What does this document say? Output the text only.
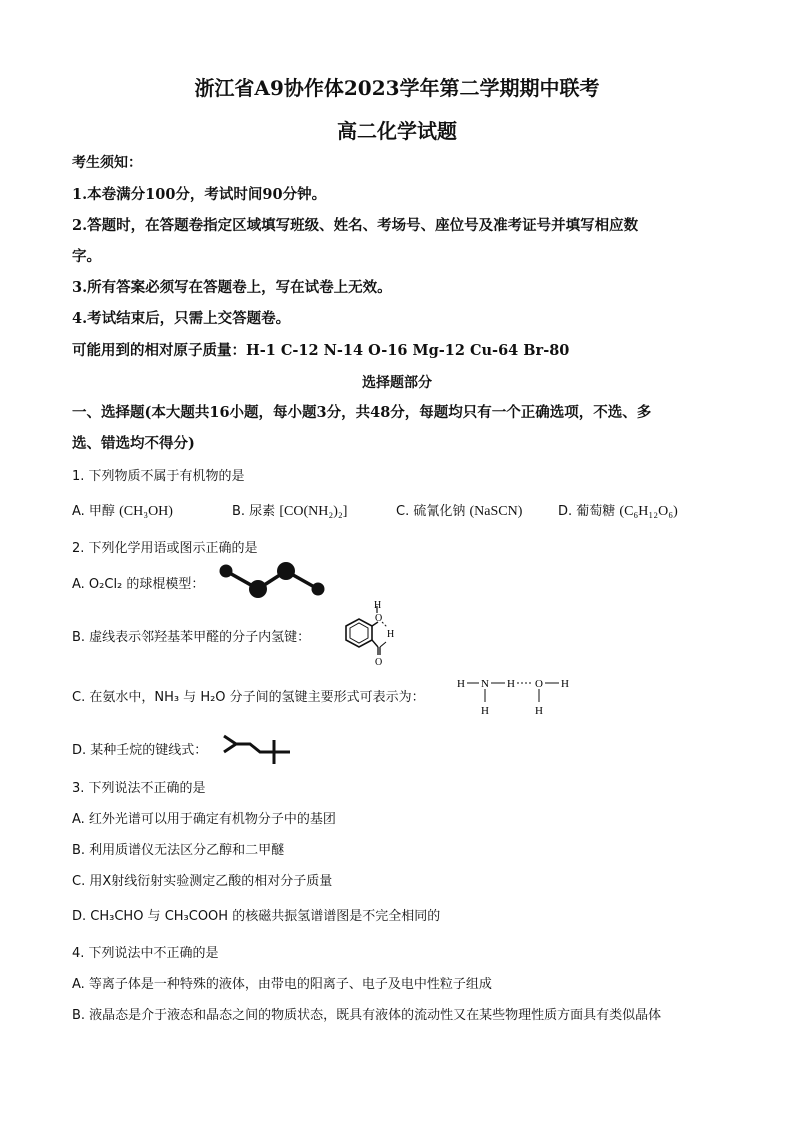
浙江省A9协作体2023学年第二学期期中联考
高二化学试题
考生须知：
1.本卷满分100分，考试时间90分钟。
2.答题时，在答题卷指定区域填写班级、姓名、考场号、座位号及准考证号并填写相应数
字。
3.所有答案必须写在答题卷上，写在试卷上无效。
4.考试结束后，只需上交答题卷。
可能用到的相对原子质量：H-1 C-12 N-14 O-16 Mg-12 Cu-64 Br-80
选择题部分
一、选择题(本大题共16小题，每小题3分，共48分，每题均只有一个正确选项，不选、多
选、错选均不得分)
1. 下列物质不属于有机物的是
A. 甲醇 (CH₃OH)	B. 尿素 [CO(NH₂)₂]	C. 硫氰化钠 (NaSCN)	D. 葡萄糖 (C₆H₁₂O₆)
2. 下列化学用语或图示正确的是
A. O₂Cl₂ 的球棍模型：
B. 虚线表示邻羟基苯甲醛的分子内氢键：
H
O
H
O
C. 在氨水中，NH₃ 与 H₂O 分子间的氢键主要形式可表示为：
H N H O H
H	H
D. 某种壬烷的键线式：
3. 下列说法不正确的是
A. 红外光谱可以用于确定有机物分子中的基团
B. 利用质谱仪无法区分乙醇和二甲醚
C. 用X射线衍射实验测定乙酸的相对分子质量
D. CH₃CHO 与 CH₃COOH 的核磁共振氢谱谱图是不完全相同的
4. 下列说法中不正确的是
A. 等离子体是一种特殊的液体，由带电的阳离子、电子及电中性粒子组成
B. 液晶态是介于液态和晶态之间的物质状态，既具有液体的流动性又在某些物理性质方面具有类似晶体
